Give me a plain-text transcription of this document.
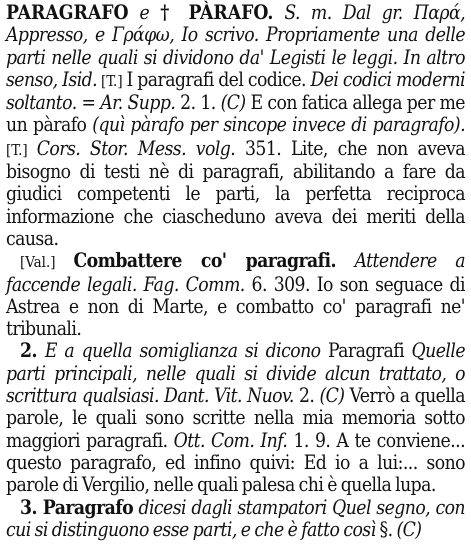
PARAGRAFO e † PÀRAFO. S. m. Dal gr. Παρά, Appresso, e Γράφω, Io scrivo. Propriamente una delle parti nelle quali si dividono da' Legisti le leggi. In altro senso, Isid. [T.] I paragrafi del codice. Dei codici moderni soltanto. = Ar. Supp. 2. 1. (C) E con fatica allega per me un pàrafo (quì pàrafo per sincope invece di paragrafo). [T.] Cors. Stor. Mess. volg. 351. Lite, che non aveva bisogno di testi nè di paragrafi, abilitando a fare da giudici competenti le parti, la perfetta reciproca informazione che ciascheduno aveva dei meriti della causa.

[Val.] Combattere co' paragrafi. Attendere a faccende legali. Fag. Comm. 6. 309. Io son seguace di Astrea e non di Marte, e combatto co' paragrafi ne' tribunali.

2. E a quella somiglianza si dicono Paragrafi Quelle parti principali, nelle quali si divide alcun trattato, o scrittura qualsiasi. Dant. Vit. Nuov. 2. (C) Verrò a quella parole, le quali sono scritte nella mia memoria sotto maggiori paragrafi. Ott. Com. Inf. 1. 9. A te conviene... questo paragrafo, ed infino quivi: Ed io a lui:... sono parole di Vergilio, nelle quali palesa chi è quella lupa.

3. Paragrafo dicesi dagli stampatori Quel segno, con cui si distinguono esse parti, e che è fatto così §. (C)
